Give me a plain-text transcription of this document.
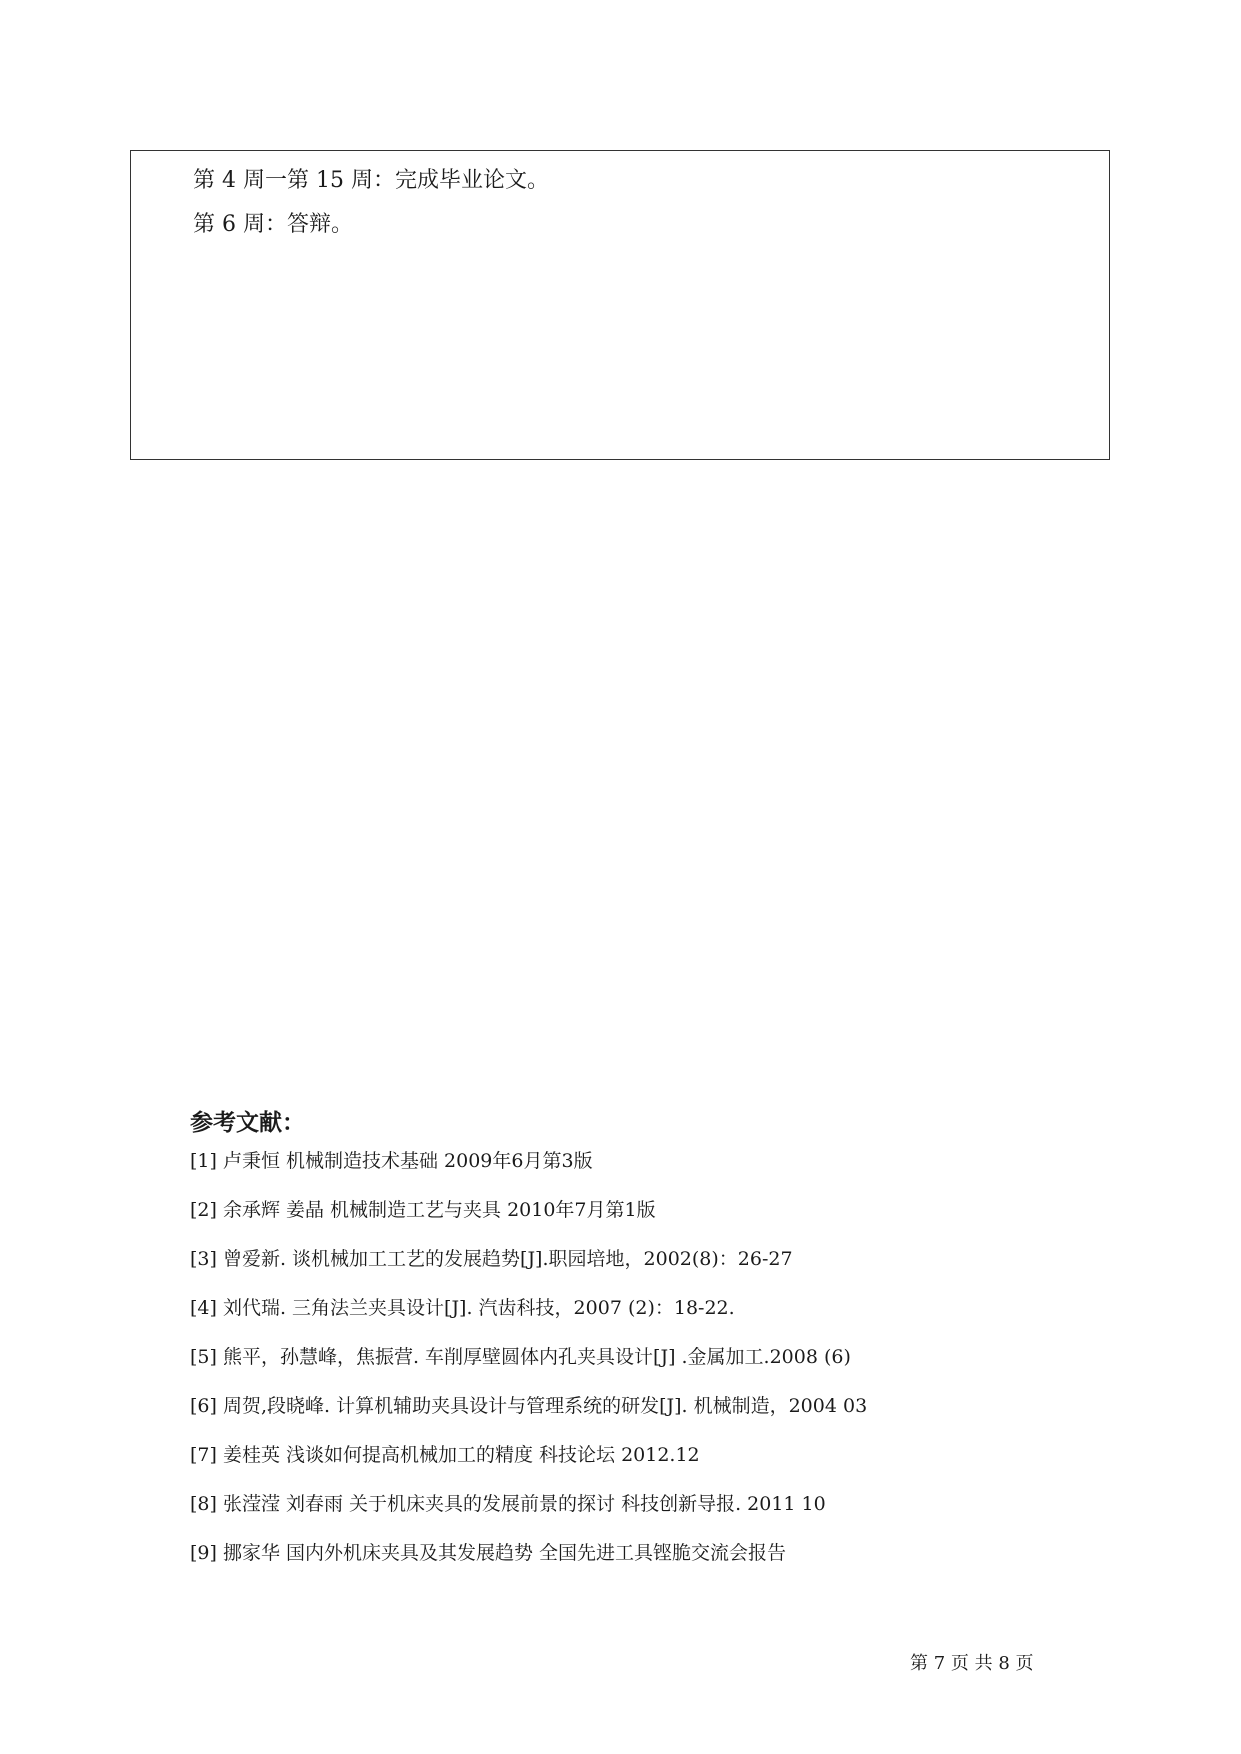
第 4 周一第 15 周：完成毕业论文。
第 6 周：答辩。
参考文献：
[1] 卢秉恒 机械制造技术基础 2009年6月第3版
[2] 余承辉 姜晶 机械制造工艺与夹具 2010年7月第1版
[3] 曾爱新. 谈机械加工工艺的发展趋势[J].职园培地，2002(8)：26-27
[4] 刘代瑞. 三角法兰夹具设计[J]. 汽齿科技，2007 (2)：18-22.
[5] 熊平，孙慧峰，焦振营. 车削厚壁圆体内孔夹具设计[J] .金属加工.2008 (6)
[6] 周贺,段晓峰. 计算机辅助夹具设计与管理系统的研发[J]. 机械制造，2004 03
[7] 姜桂英 浅谈如何提高机械加工的精度 科技论坛 2012.12
[8] 张滢滢 刘春雨 关于机床夹具的发展前景的探讨 科技创新导报. 2011 10
[9] 挪家华 国内外机床夹具及其发展趋势 全国先进工具铿脆交流会报告
第 7 页 共 8 页
